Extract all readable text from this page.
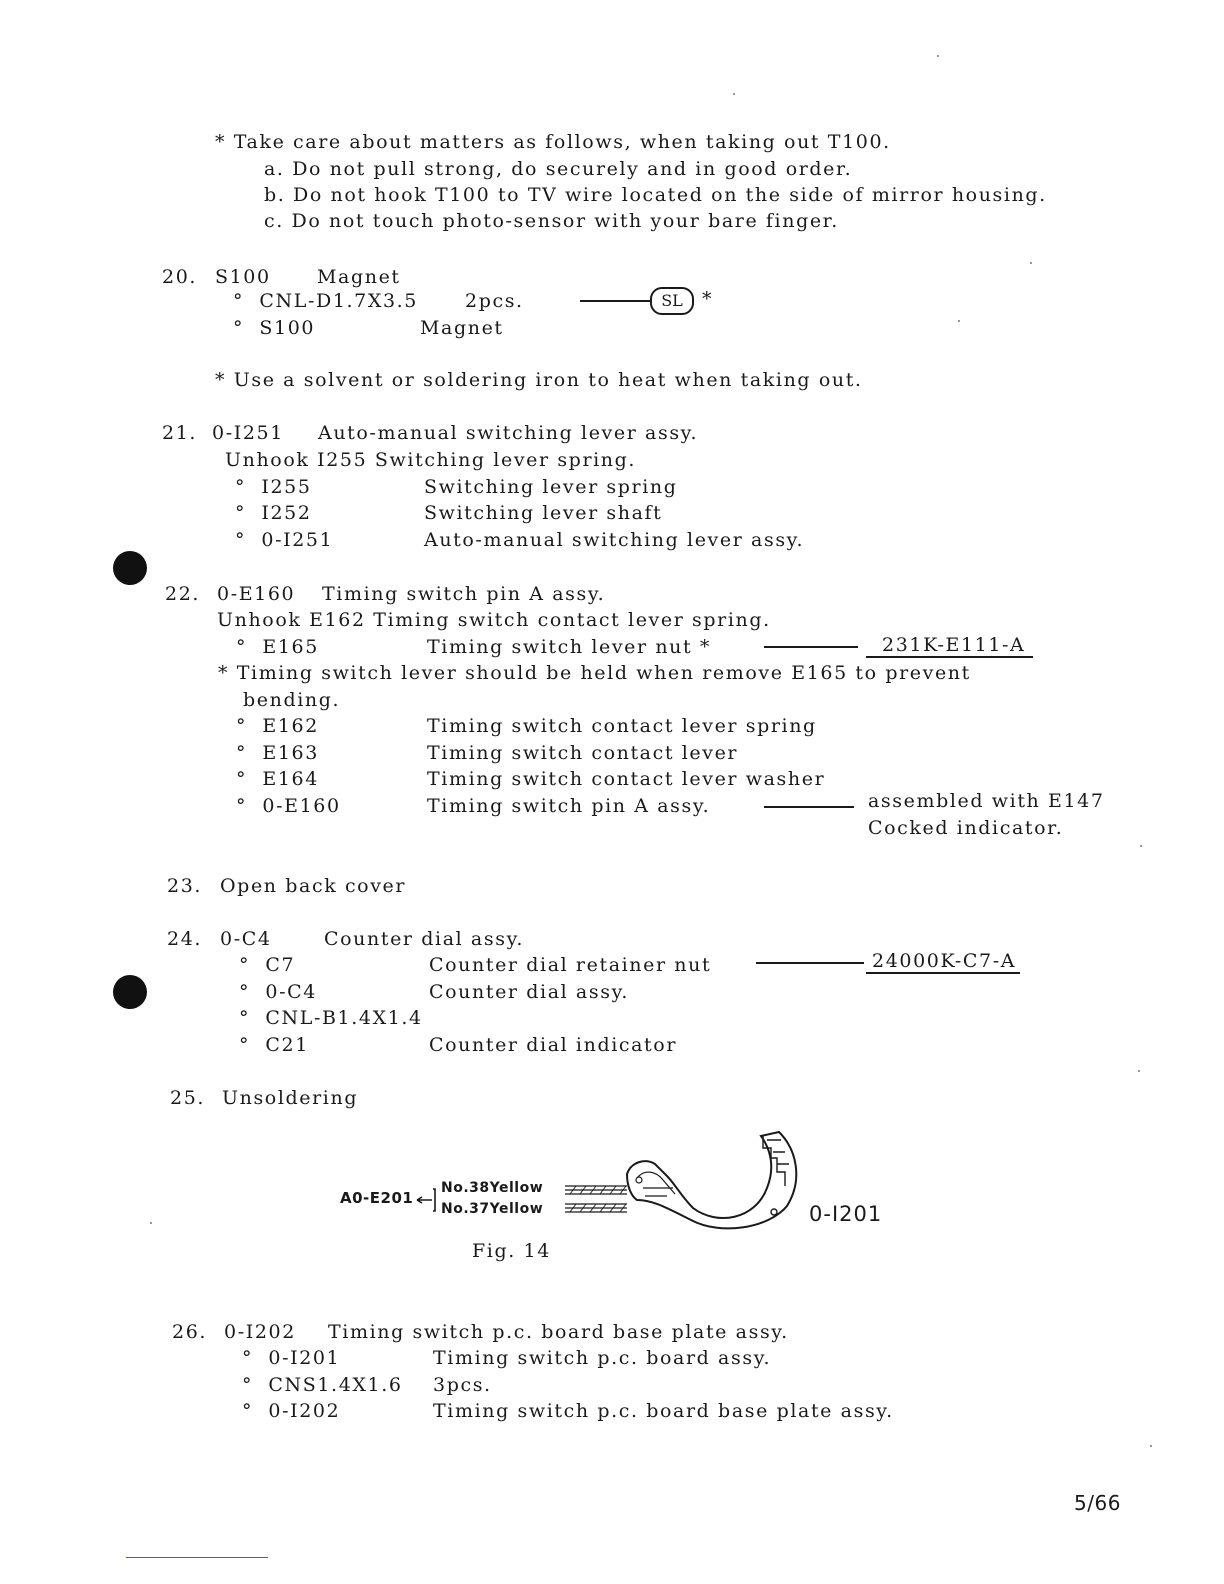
* Take care about matters as follows, when taking out T100.
a. Do not pull strong, do securely and in good order.
b. Do not hook T100 to TV wire located on the side of mirror housing.
c. Do not touch photo-sensor with your bare finger.
20. S100 Magnet
°  CNL-D1.7X3.5 2pcs.	SL	*
°  S100	Magnet
* Use a solvent or soldering iron to heat when taking out.
21. 0-I251 Auto-manual switching lever assy.
Unhook I255 Switching lever spring.
°  I255	Switching lever spring
°  I252	Switching lever shaft
°  0-I251	Auto-manual switching lever assy.
22. 0-E160 Timing switch pin A assy.
Unhook E162 Timing switch contact lever spring.
°  E165	Timing switch lever nut *	231K-E111-A
* Timing switch lever should be held when remove E165 to prevent
bending.
°  E162	Timing switch contact lever spring
°  E163	Timing switch contact lever
°  E164	Timing switch contact lever washer
°  0-E160	Timing switch pin A assy.	assembled with E147
Cocked indicator.
23. Open back cover
24. 0-C4	Counter dial assy.
°  C7	Counter dial retainer nut	24000K-C7-A
°  0-C4	Counter dial assy.
°  CNL-B1.4X1.4
°  C21	Counter dial indicator
25. Unsoldering
A0-E201
No.38Yellow
No.37Yellow	0-I201
Fig. 14
26. 0-I202 Timing switch p.c. board base plate assy.
°  0-I201	Timing switch p.c. board assy.
°  CNS1.4X1.6 3pcs.
°  0-I202	Timing switch p.c. board base plate assy.
5/66
